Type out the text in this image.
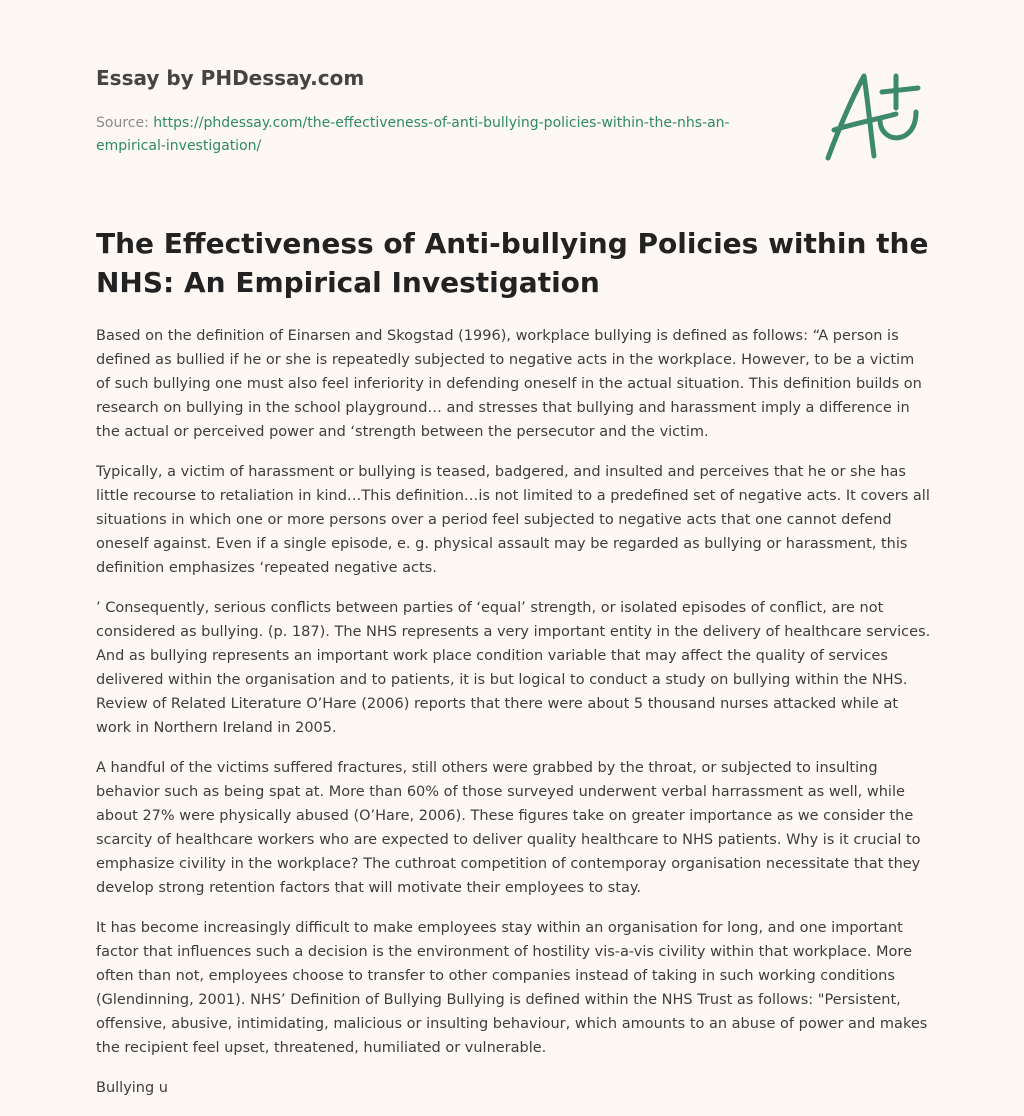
Essay by PHDessay.com
Source: https://phdessay.com/the-effectiveness-of-anti-bullying-policies-within-the-nhs-an-empirical-investigation/
The Effectiveness of Anti-bullying Policies within the NHS: An Empirical Investigation

Based on the definition of Einarsen and Skogstad (1996), workplace bullying is defined as follows: “A person is defined as bullied if he or she is repeatedly subjected to negative acts in the workplace. However, to be a victim of such bullying one must also feel inferiority in defending oneself in the actual situation. This definition builds on research on bullying in the school playground… and stresses that bullying and harassment imply a difference in the actual or perceived power and ‘strength between the persecutor and the victim.

Typically, a victim of harassment or bullying is teased, badgered, and insulted and perceives that he or she has little recourse to retaliation in kind…This definition…is not limited to a predefined set of negative acts. It covers all situations in which one or more persons over a period feel subjected to negative acts that one cannot defend oneself against. Even if a single episode, e. g. physical assault may be regarded as bullying or harassment, this definition emphasizes ‘repeated negative acts.

’ Consequently, serious conflicts between parties of ‘equal’ strength, or isolated episodes of conflict, are not considered as bullying. (p. 187). The NHS represents a very important entity in the delivery of healthcare services. And as bullying represents an important work place condition variable that may affect the quality of services delivered within the organisation and to patients, it is but logical to conduct a study on bullying within the NHS. Review of Related Literature O’Hare (2006) reports that there were about 5 thousand nurses attacked while at work in Northern Ireland in 2005.

A handful of the victims suffered fractures, still others were grabbed by the throat, or subjected to insulting behavior such as being spat at. More than 60% of those surveyed underwent verbal harrassment as well, while about 27% were physically abused (O’Hare, 2006). These figures take on greater importance as we consider the scarcity of healthcare workers who are expected to deliver quality healthcare to NHS patients. Why is it crucial to emphasize civility in the workplace? The cuthroat competition of contemporay organisation necessitate that they develop strong retention factors that will motivate their employees to stay.

It has become increasingly difficult to make employees stay within an organisation for long, and one important factor that influences such a decision is the environment of hostility vis-a-vis civility within that workplace. More often than not, employees choose to transfer to other companies instead of taking in such working conditions (Glendinning, 2001). NHS’ Definition of Bullying Bullying is defined within the NHS Trust as follows: "Persistent, offensive, abusive, intimidating, malicious or insulting behaviour, which amounts to an abuse of power and makes the recipient feel upset, threatened, humiliated or vulnerable.

Bullying u
